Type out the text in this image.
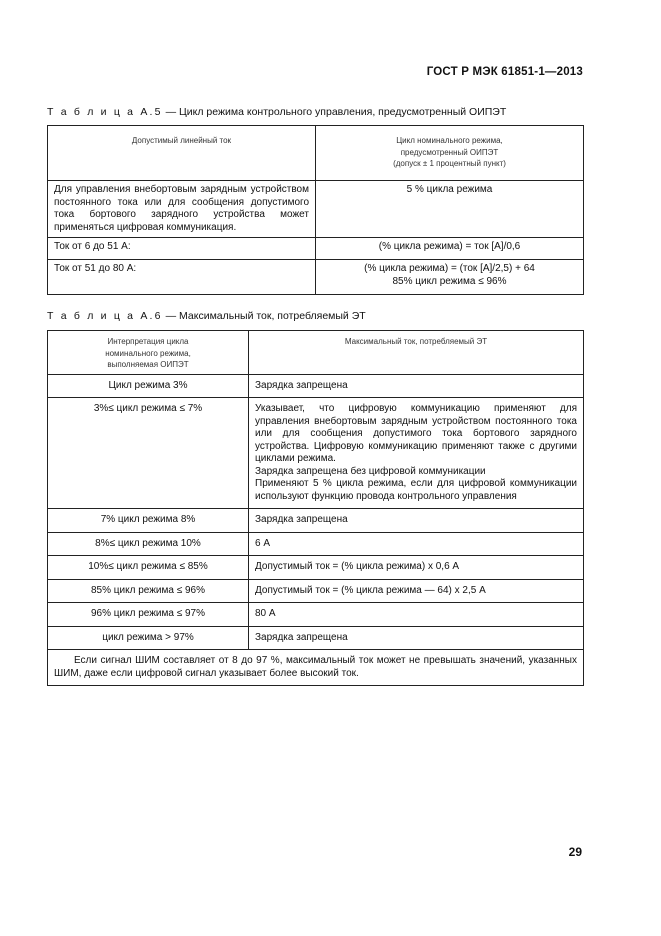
ГОСТ Р МЭК 61851-1—2013
Т а б л и ц а А.5 — Цикл режима контрольного управления, предусмотренный ОИПЭТ
Допустимый линейный ток	Цикл номинального режима,
предусмотренный ОИПЭТ
(допуск ± 1 процентный пункт)

Для управления внебортовым зарядным устройством постоянного тока или для сообщения допустимого тока бортового зарядного устройства может применяться цифровая коммуникация.	5 % цикла режима

Ток от 6 до 51 А:	(% цикла режима) = ток [А]/0,6

Ток от 51 до 80 А:	(% цикла режима) = (ток [А]/2,5) + 64
85% цикл режима ≤ 96%
Т а б л и ц а А.6 — Максимальный ток, потребляемый ЭТ
Интерпретация цикла
номинального режима,
выполняемая ОИПЭТ	Максимальный ток, потребляемый ЭТ
Цикл режима 3%	Зарядка запрещена

3%≤ цикл режима ≤ 7%	Указывает, что цифровую коммуникацию применяют для управления внебортовым зарядным устройством постоянного тока или для сообщения допустимого тока бортового зарядного устройства. Цифровую коммуникацию применяют также с другими циклами режима.
Зарядка запрещена без цифровой коммуникации
Применяют 5 % цикла режима, если для цифровой коммуникации используют функцию провода контрольного управления

7% цикл режима 8%	Зарядка запрещена

8%≤ цикл режима 10%	6 А

10%≤ цикл режима ≤ 85%	Допустимый ток = (% цикла режима) х 0,6 А

85% цикл режима ≤ 96%	Допустимый ток = (% цикла режима — 64) х 2,5 А

96% цикл режима ≤ 97%	80 А

цикл режима > 97%	Зарядка запрещена

Если сигнал ШИМ составляет от 8 до 97 %, максимальный ток может не превышать значений, указанных ШИМ, даже если цифровой сигнал указывает более высокий ток.	
29
